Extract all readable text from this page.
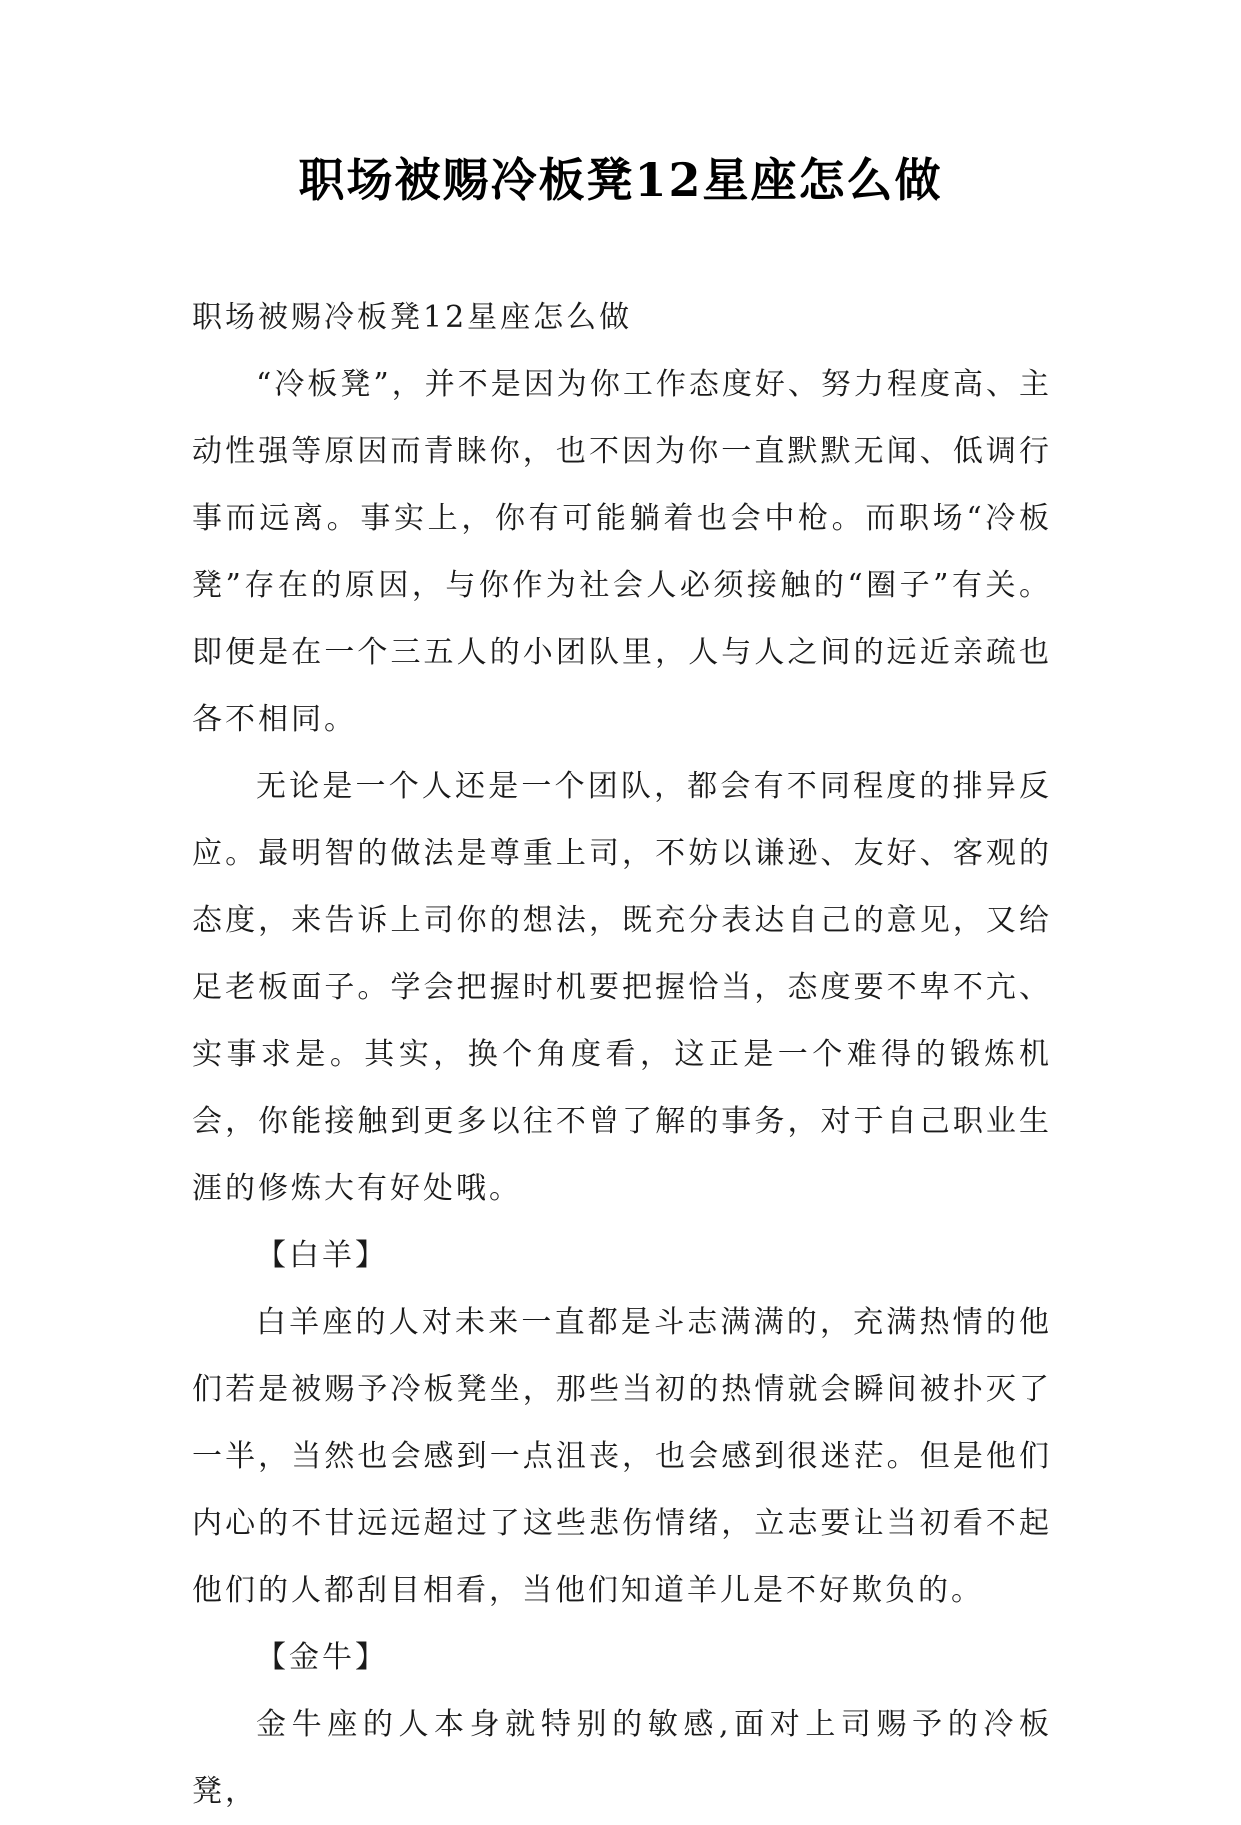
职场被赐冷板凳12星座怎么做

职场被赐冷板凳12星座怎么做

“冷板凳”，并不是因为你工作态度好、努力程度高、主动性强等原因而青睐你，也不因为你一直默默无闻、低调行事而远离。事实上，你有可能躺着也会中枪。而职场“冷板凳”存在的原因，与你作为社会人必须接触的“圈子”有关。即便是在一个三五人的小团队里，人与人之间的远近亲疏也各不相同。

无论是一个人还是一个团队，都会有不同程度的排异反应。最明智的做法是尊重上司，不妨以谦逊、友好、客观的态度，来告诉上司你的想法，既充分表达自己的意见，又给足老板面子。学会把握时机要把握恰当，态度要不卑不亢、实事求是。其实，换个角度看，这正是一个难得的锻炼机会，你能接触到更多以往不曾了解的事务，对于自己职业生涯的修炼大有好处哦。

【白羊】

白羊座的人对未来一直都是斗志满满的，充满热情的他们若是被赐予冷板凳坐，那些当初的热情就会瞬间被扑灭了一半，当然也会感到一点沮丧，也会感到很迷茫。但是他们内心的不甘远远超过了这些悲伤情绪，立志要让当初看不起他们的人都刮目相看，当他们知道羊儿是不好欺负的。

【金牛】

金牛座的人本身就特别的敏感,面对上司赐予的冷板凳，
